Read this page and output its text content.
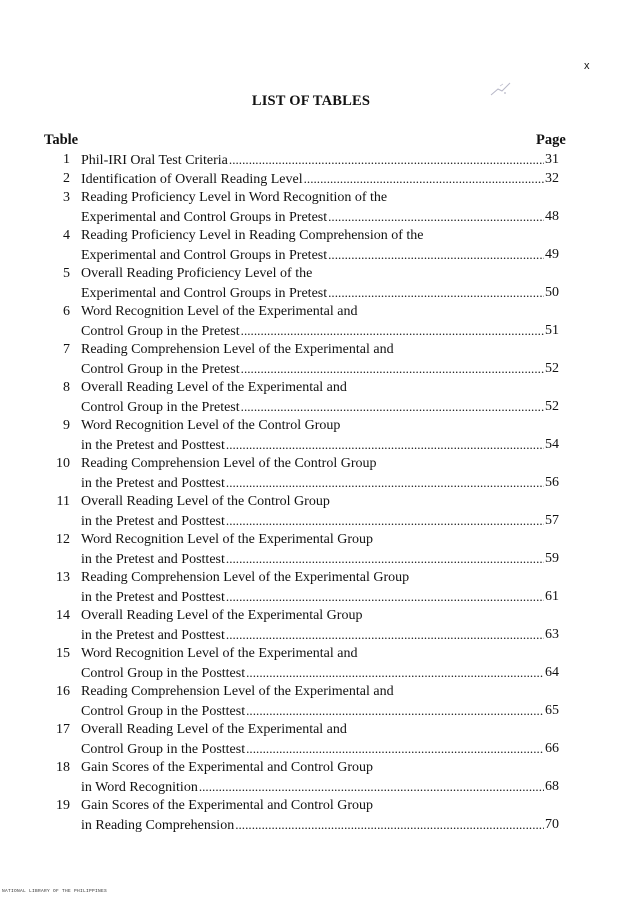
x
LIST OF TABLES
Table	Page
1 Phil-IRI Oral Test Criteria . . .	31
2 Identification of Overall Reading Level . . .	32
3 Reading Proficiency Level in Word Recognition of the
Experimental and Control Groups in Pretest . . .	48
4 Reading Proficiency Level in Reading Comprehension of the
Experimental and Control Groups in Pretest . . .	49
5 Overall Reading Proficiency Level of the
Experimental and Control Groups in Pretest . . .	50
6 Word Recognition Level of the Experimental and
Control Group in the Pretest . . .	51
7 Reading Comprehension Level of the Experimental and
Control Group in the Pretest . . .	52
8 Overall Reading Level of the Experimental and
Control Group in the Pretest . . .	52
9 Word Recognition Level of the Control Group
in the Pretest and Posttest . . .	54
10 Reading Comprehension Level of the Control Group
in the Pretest and Posttest . . .	56
11 Overall Reading Level of the Control Group
in the Pretest and Posttest . . .	57
12 Word Recognition Level of the Experimental Group
in the Pretest and Posttest . . .	59
13 Reading Comprehension Level of the Experimental Group
in the Pretest and Posttest . . .	61
14 Overall Reading Level of the Experimental Group
in the Pretest and Posttest . . .	63
15 Word Recognition Level of the Experimental and
Control Group in the Posttest . . .	64
16 Reading Comprehension Level of the Experimental and
Control Group in the Posttest . . .	65
17 Overall Reading Level of the Experimental and
Control Group in the Posttest . . .	66
18 Gain Scores of the Experimental and Control Group
in Word Recognition . . .	68
19 Gain Scores of the Experimental and Control Group
in Reading Comprehension . . .	70
NATIONAL LIBRARY OF THE PHILIPPINES
